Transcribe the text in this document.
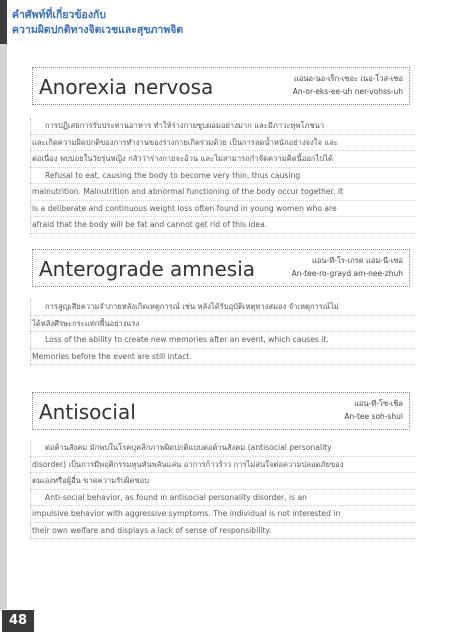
คำศัพท์ที่เกี่ยวข้องกับ
ความผิดปกติทางจิตเวชและสุขภาพจิต
Anorexia nervosa	แอนอ-นอ-เร็ก-เซอะ เนอ-โวส-เซอ
An-or-eks-ee-uh ner-vohss-uh
การปฏิเสธการรับประทานอาหาร ทำให้ร่างกายซูบผอมอย่างมาก และมีภาวะทุพโภชนา
และเกิดความผิดปกติของการทำงานของร่างกายเกิดร่วมด้วย เป็นการลดน้ำหนักอย่างจงใจ และ
ต่อเนื่อง พบบ่อยในวัยรุ่นหญิง กลัวว่าร่างกายจะอ้วน และไม่สามารถกำจัดความคิดนี้ออกไปได้
Refusal to eat, causing the body to become very thin, thus causing
malnutrition. Malnutrition and abnormal functioning of the body occur together. It
is a deliberate and continuous weight loss often found in young women who are
afraid that the body will be fat and cannot get rid of this idea.
Anterograde amnesia	แอน-ที-โร-เกรด แอม-นี-เซอ
An-tee-ro-grayd am-nee-zhuh
การสูญเสียความจำภายหลังเกิดเหตุการณ์ เช่น หลังได้รับอุบัติเหตุทางสมอง จำเหตุการณ์ไม่
ได้หลังศีรษะกระแทกพื้นอย่างแรง
Loss of the ability to create new memories after an event, which causes it.
Memories before the event are still intact.
Antisocial	แอน-ที-โซ-เชิล
An-tee soh-shul
ต่อต้านสังคม มักพบในโรคบุคลิกภาพผิดปกติแบบต่อต้านสังคม (antisocial personality
disorder) เป็นการมีพฤติกรรมหุนหันพลันแล่น อาการก้าวร้าว การไม่สนใจต่อความปลอดภัยของ
ตนเองหรือผู้อื่น ขาดความรับผิดชอบ
Anti-social behavior, as found in antisocial personality disorder, is an
impulsive behavior with aggressive symptoms. The individual is not interested in
their own welfare and displays a lack of sense of responsibility.
48
